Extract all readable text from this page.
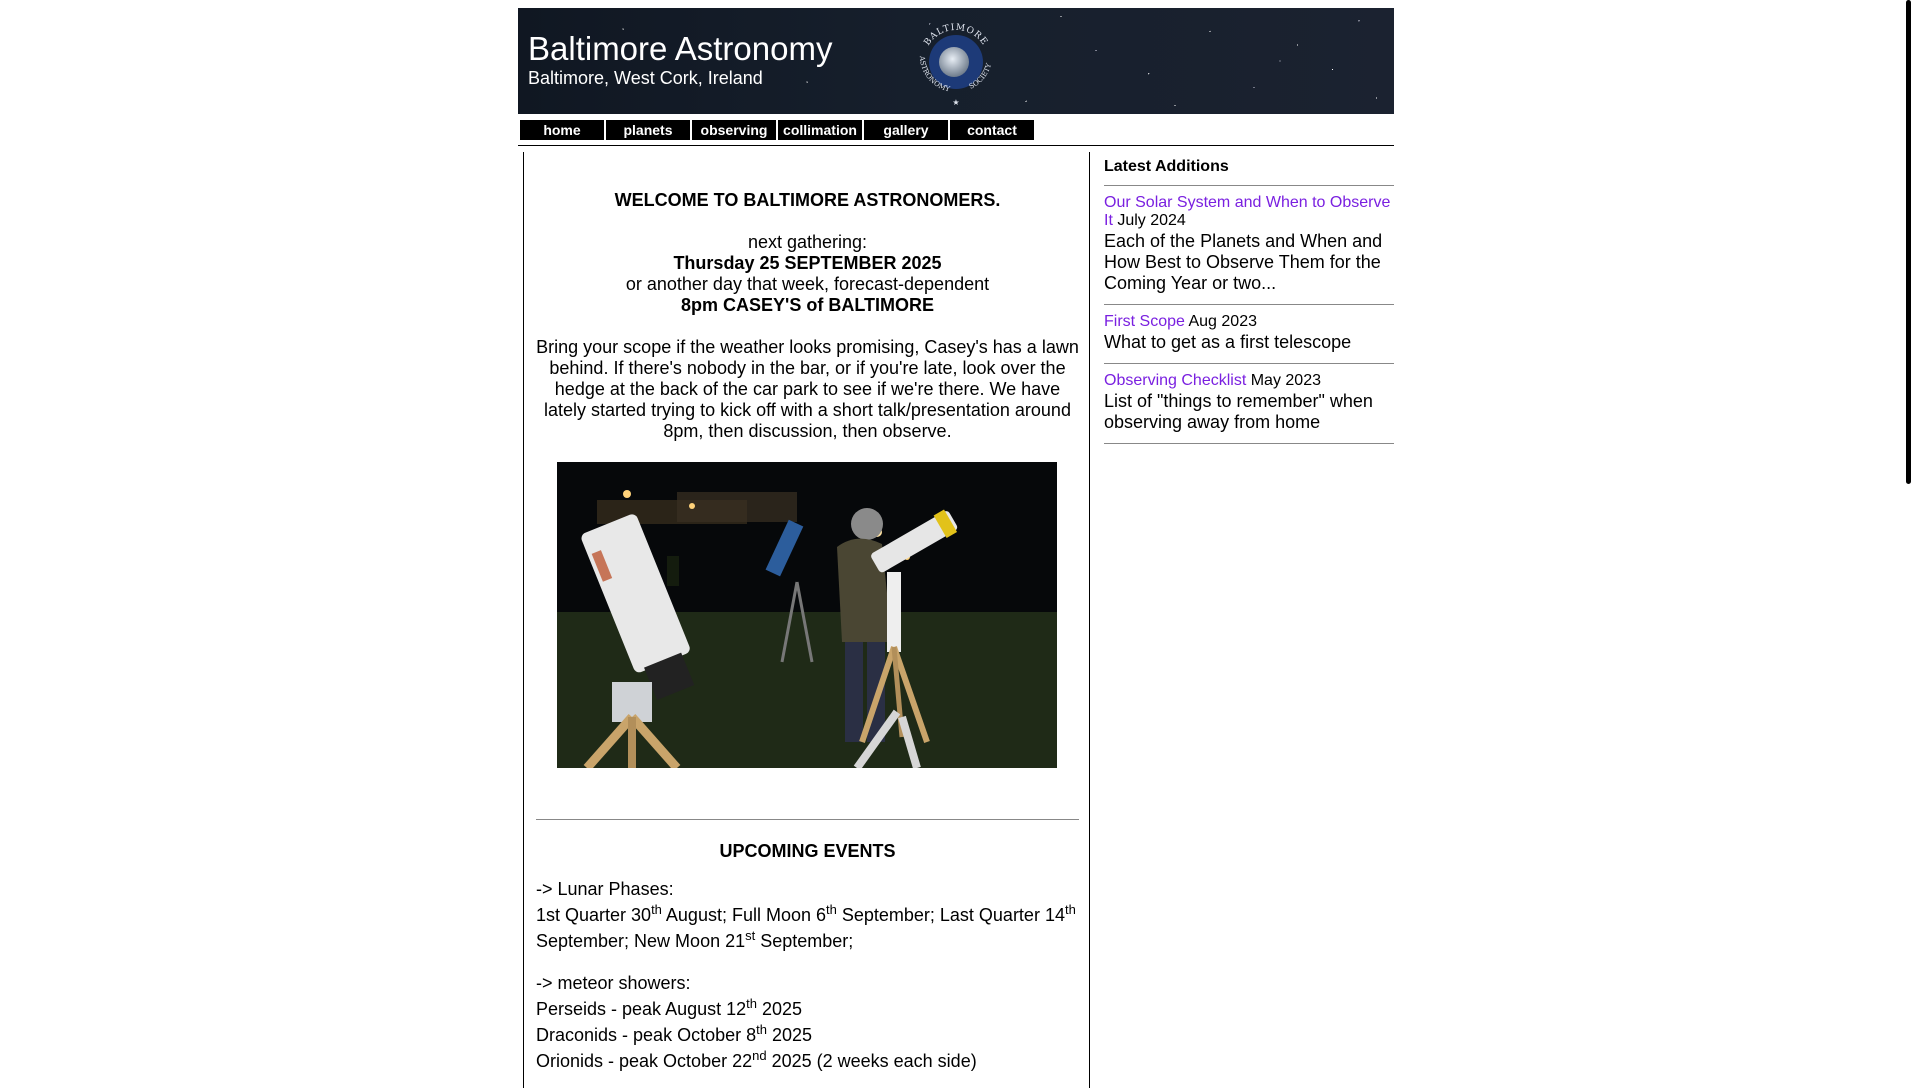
Baltimore Astronomy
Baltimore, West Cork, Ireland
BALTIMORE
ASTRONOMY SOCIETY
★
home	planets	observing	collimation	gallery	contact
WELCOME TO BALTIMORE ASTRONOMERS.
next gathering:
Thursday 25 SEPTEMBER 2025
or another day that week, forecast-dependent
8pm CASEY'S of BALTIMORE
Bring your scope if the weather looks promising, Casey's has a lawn behind. If there's nobody in the bar, or if you're late, look over the hedge at the back of the car park to see if we're there. We have lately started trying to kick off with a short talk/presentation around 8pm, then discussion, then observe.
UPCOMING EVENTS
-> Lunar Phases:
1st Quarter 30th August; Full Moon 6th September; Last Quarter 14th September; New Moon 21st September;
-> meteor showers:
Perseids - peak August 12th 2025
Draconids - peak October 8th 2025
Orionids - peak October 22nd 2025 (2 weeks each side)
Latest Additions
Our Solar System and When to Observe It July 2024
Each of the Planets and When and How Best to Observe Them for the Coming Year or two...
First Scope Aug 2023
What to get as a first telescope
Observing Checklist May 2023
List of "things to remember" when observing away from home
